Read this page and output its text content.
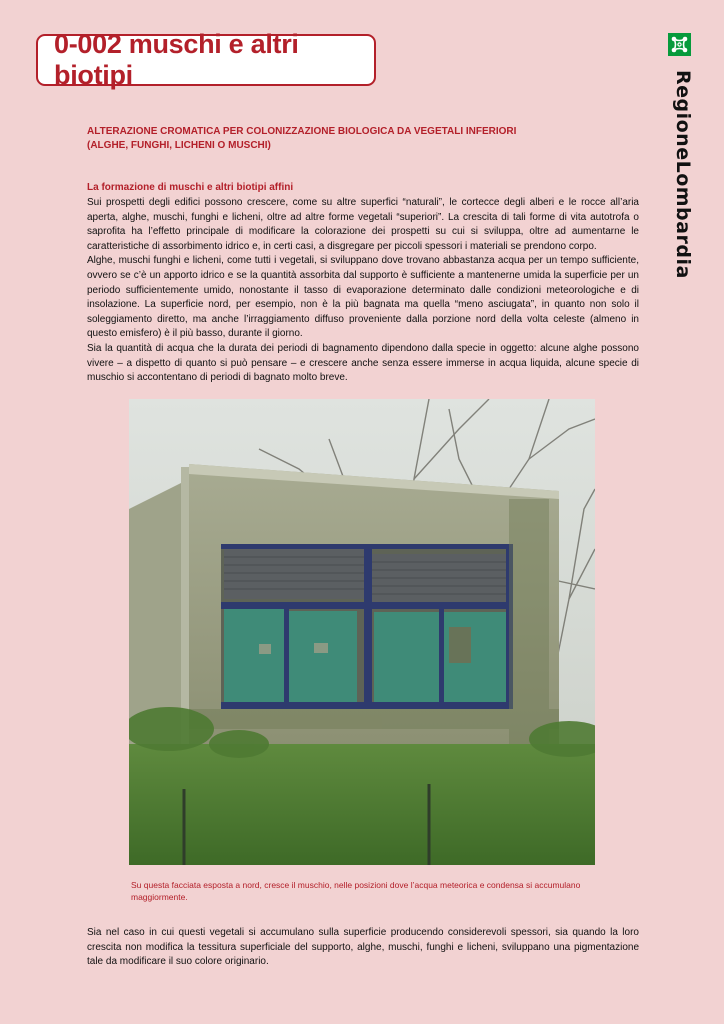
0-002 muschi e altri biotipi	RegioneLombardia
ALTERAZIONE CROMATICA PER COLONIZZAZIONE BIOLOGICA DA VEGETALI INFERIORI
(ALGHE, FUNGHI, LICHENI O MUSCHI)
La formazione di muschi e altri biotipi affini

Sui prospetti degli edifici possono crescere, come su altre superfici “naturali”, le cortecce degli alberi e le rocce all’aria aperta, alghe, muschi, funghi e licheni, oltre ad altre forme vegetali “superiori”. La crescita di tali forme di vita autotrofa o saprofita ha l’effetto principale di modificare la colorazione dei prospetti su cui si sviluppa, oltre ad aumentarne le caratteristiche di assorbimento idrico e, in certi casi, a disgregare per piccoli spessori i materiali se prendono corpo.

Alghe, muschi funghi e licheni, come tutti i vegetali, si sviluppano dove trovano abbastanza acqua per un tempo sufficiente, ovvero se c’è un apporto idrico e se la quantità assorbita dal supporto è sufficiente a mantenerne umida la superficie per un periodo sufficientemente umido, nonostante il tasso di evaporazione determinato dalle condizioni meteorologiche e di insolazione. La superficie nord, per esempio, non è la più bagnata ma quella “meno asciugata”, in quanto non solo il soleggiamento diretto, ma anche l’irraggiamento diffuso proveniente dalla porzione nord della volta celeste (almeno in questo emisfero) è il più basso, durante il giorno.

Sia la quantità di acqua che la durata dei periodi di bagnamento dipendono dalla specie in oggetto: alcune alghe possono vivere – a dispetto di quanto si può pensare – e crescere anche senza essere immerse in acqua liquida, alcune specie di muschio si accontentano di periodi di bagnato molto breve.

Su questa facciata esposta a nord, cresce il muschio, nelle posizioni dove l’acqua meteorica e condensa si accumulano maggiormente.
Sia nel caso in cui questi vegetali si accumulano sulla superficie producendo considerevoli spessori, sia quando la loro crescita non modifica la tessitura superficiale del supporto, alghe, muschi, funghi e licheni, sviluppano una pigmentazione tale da modificare il suo colore originario.
